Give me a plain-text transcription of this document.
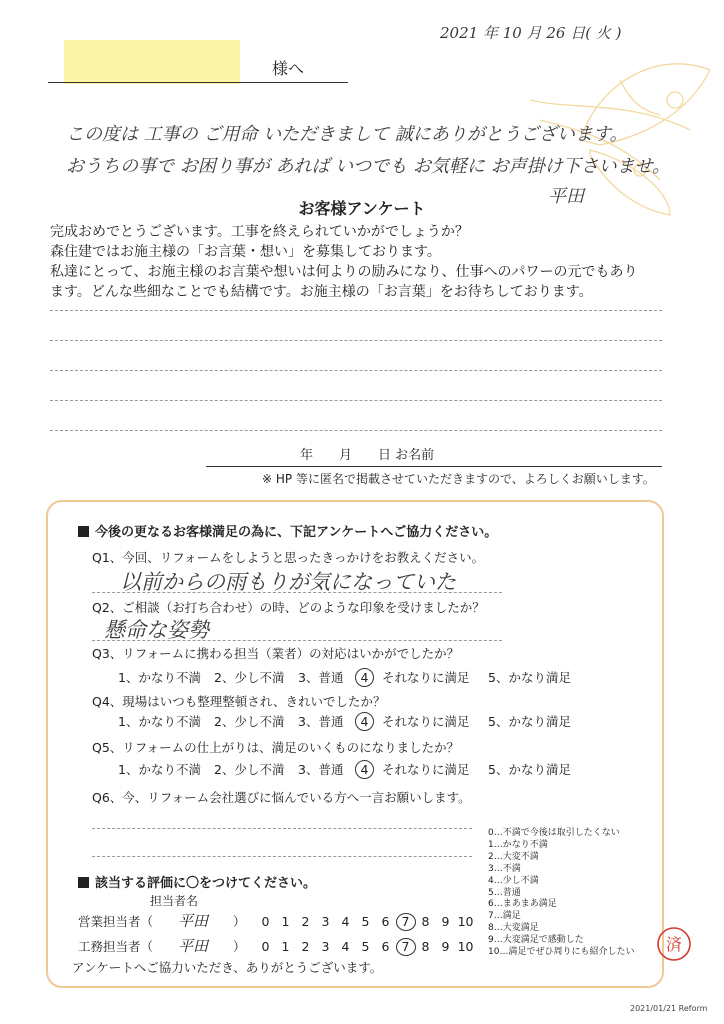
2021 年 10 月 26 日( 火 )
様へ
この度は 工事の ご用命 いただきまして 誠にありがとうございます。
おうちの事で お困り事が あれば いつでも お気軽に お声掛け下さいませ。
平田
お客様アンケート
完成おめでとうございます。工事を終えられていかがでしょうか？
森住建ではお施主様の「お言葉・想い」を募集しております。
私達にとって、お施主様のお言葉や想いは何よりの励みになり、仕事へのパワーの元でもあり
ます。どんな些細なことでも結構です。お施主様の「お言葉」をお待ちしております。
年　　月　　日 お名前
※ HP 等に匿名で掲載させていただきますので、よろしくお願いします。
今後の更なるお客様満足の為に、下記アンケートへご協力ください。
Q1、今回、リフォームをしようと思ったきっかけをお教えください。
以前からの雨もりが気になっていた
Q2、ご相談（お打ち合わせ）の時、どのような印象を受けましたか？
懸命な姿勢
Q3、リフォームに携わる担当（業者）の対応はいかがでしたか？
1、かなり不満 2、少し不満 3、普通 4 それなりに満足 5、かなり満足
Q4、現場はいつも整理整頓され、きれいでしたか？
1、かなり不満 2、少し不満 3、普通 4 それなりに満足 5、かなり満足
Q5、リフォームの仕上がりは、満足のいくものになりましたか？
1、かなり不満 2、少し不満 3、普通 4 それなりに満足 5、かなり満足
Q6、今、リフォーム会社選びに悩んでいる方へ一言お願いします。
0…不満で今後は取引したくない
1…かなり不満
2…大変不満
3…不満
4…少し不満
5…普通
6…まあまあ満足
7…満足
8…大変満足
9…大変満足で感動した
10…満足でぜひ周りにも紹介したい
該当する評価に〇をつけてください。
担当者名
営業担当者（ 平田 ） 0 1 2 3 4 5 6 7 8 9 10
工務担当者（ 平田 ） 0 1 2 3 4 5 6 7 8 9 10
アンケートへご協力いただき、ありがとうございます。
済
2021/01/21 Reform
